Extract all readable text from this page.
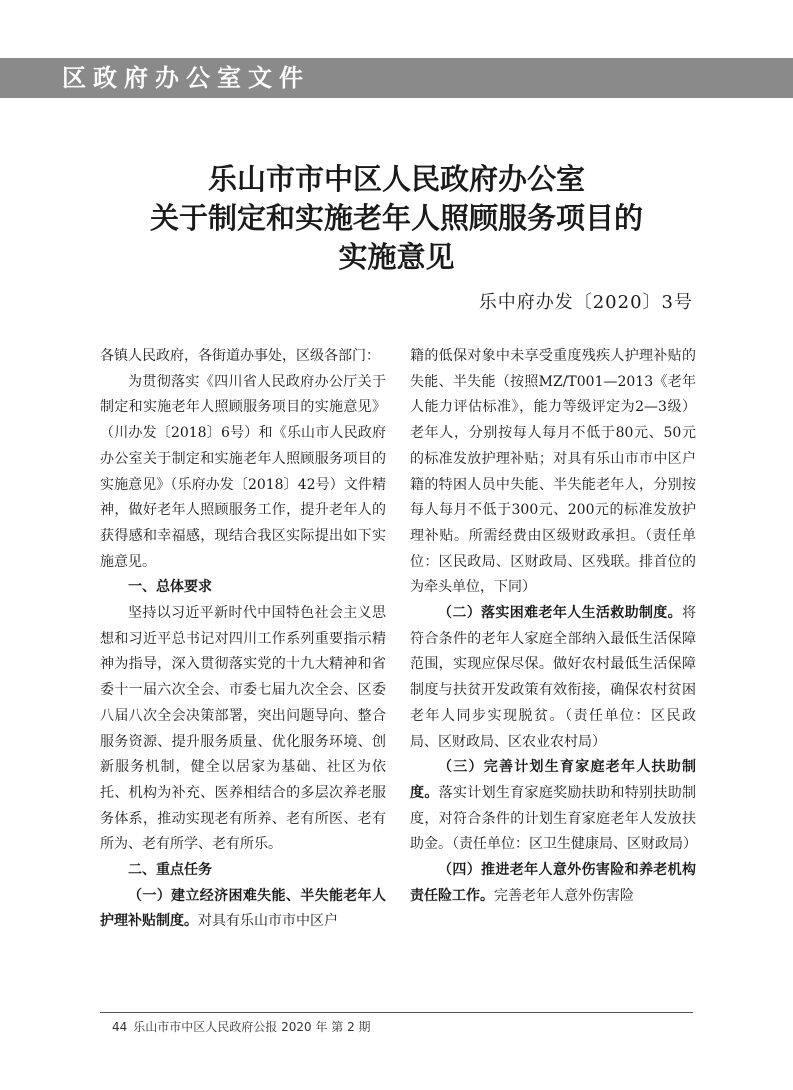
区政府办公室文件
乐山市市中区人民政府办公室
关于制定和实施老年人照顾服务项目的
实施意见
乐中府办发〔2020〕3号

各镇人民政府，各街道办事处，区级各部门：

为贯彻落实《四川省人民政府办公厅关于制定和实施老年人照顾服务项目的实施意见》（川办发〔2018〕6号）和《乐山市人民政府办公室关于制定和实施老年人照顾服务项目的实施意见》（乐府办发〔2018〕42号）文件精神，做好老年人照顾服务工作，提升老年人的获得感和幸福感，现结合我区实际提出如下实施意见。

一、总体要求

坚持以习近平新时代中国特色社会主义思想和习近平总书记对四川工作系列重要指示精神为指导，深入贯彻落实党的十九大精神和省委十一届六次全会、市委七届九次全会、区委八届八次全会决策部署，突出问题导向、整合服务资源、提升服务质量、优化服务环境、创新服务机制，健全以居家为基础、社区为依托、机构为补充、医养相结合的多层次养老服务体系，推动实现老有所养、老有所医、老有所为、老有所学、老有所乐。

二、重点任务

（一）建立经济困难失能、半失能老年人护理补贴制度。对具有乐山市市中区户

籍的低保对象中未享受重度残疾人护理补贴的失能、半失能（按照MZ/T001—2013《老年人能力评估标准》，能力等级评定为2—3级）老年人，分别按每人每月不低于80元、50元的标准发放护理补贴；对具有乐山市市中区户籍的特困人员中失能、半失能老年人，分别按每人每月不低于300元、200元的标准发放护理补贴。所需经费由区级财政承担。（责任单位：区民政局、区财政局、区残联。排首位的为牵头单位，下同）

（二）落实困难老年人生活救助制度。将符合条件的老年人家庭全部纳入最低生活保障范围，实现应保尽保。做好农村最低生活保障制度与扶贫开发政策有效衔接，确保农村贫困老年人同步实现脱贫。（责任单位：区民政局、区财政局、区农业农村局）

（三）完善计划生育家庭老年人扶助制度。落实计划生育家庭奖励扶助和特别扶助制度，对符合条件的计划生育家庭老年人发放扶助金。（责任单位：区卫生健康局、区财政局）

（四）推进老年人意外伤害险和养老机构责任险工作。完善老年人意外伤害险

44 乐山市市中区人民政府公报 2020 年 第 2 期
